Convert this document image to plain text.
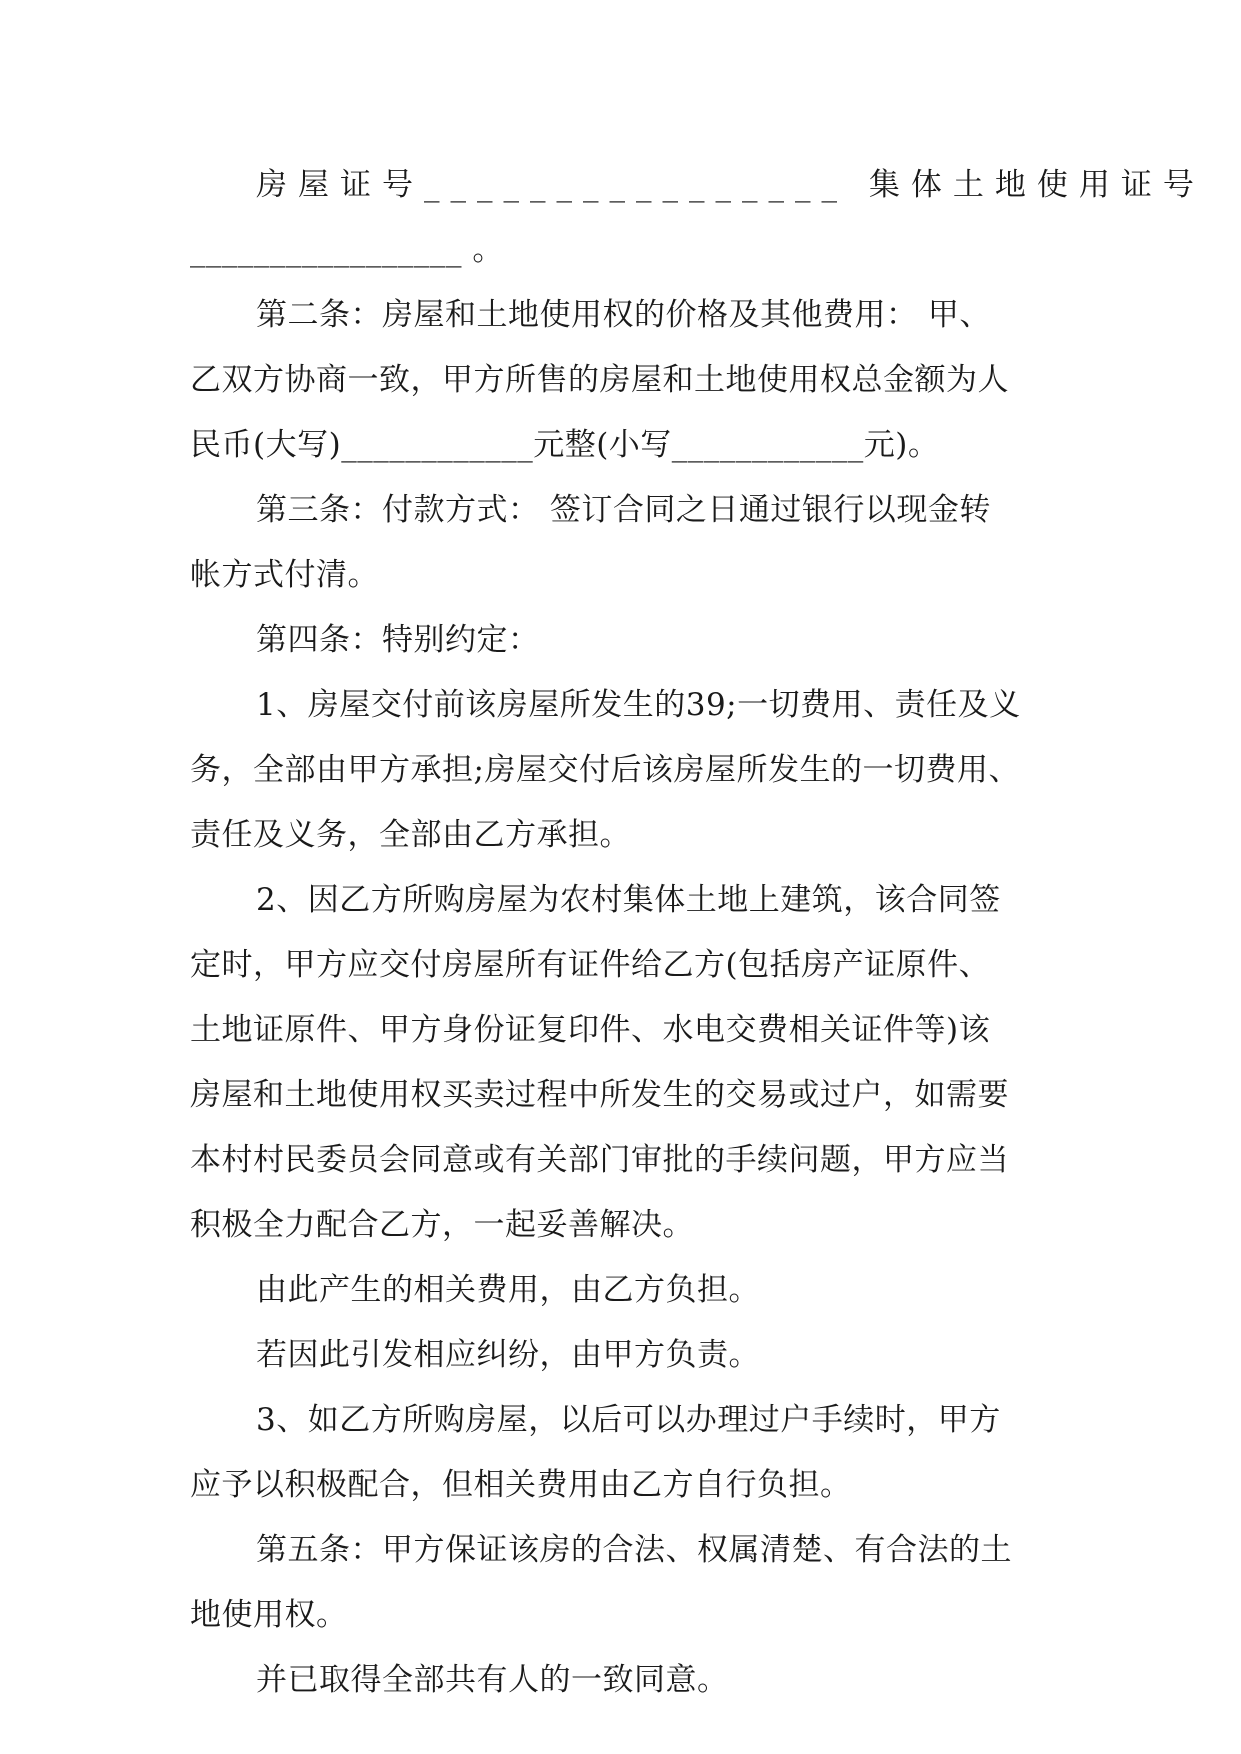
房屋证号________________ 集体土地使用证号
_________________ 。
第二条：房屋和土地使用权的价格及其他费用： 甲、
乙双方协商一致，甲方所售的房屋和土地使用权总金额为人
民币(大写)____________元整(小写____________元)。
第三条：付款方式： 签订合同之日通过银行以现金转
帐方式付清。
第四条：特别约定：
1、房屋交付前该房屋所发生的39;一切费用、责任及义
务，全部由甲方承担;房屋交付后该房屋所发生的一切费用、
责任及义务，全部由乙方承担。
2、因乙方所购房屋为农村集体土地上建筑，该合同签
定时，甲方应交付房屋所有证件给乙方(包括房产证原件、
土地证原件、甲方身份证复印件、水电交费相关证件等)该
房屋和土地使用权买卖过程中所发生的交易或过户，如需要
本村村民委员会同意或有关部门审批的手续问题，甲方应当
积极全力配合乙方，一起妥善解决。
由此产生的相关费用，由乙方负担。
若因此引发相应纠纷，由甲方负责。
3、如乙方所购房屋，以后可以办理过户手续时，甲方
应予以积极配合，但相关费用由乙方自行负担。
第五条：甲方保证该房的合法、权属清楚、有合法的土
地使用权。
并已取得全部共有人的一致同意。
